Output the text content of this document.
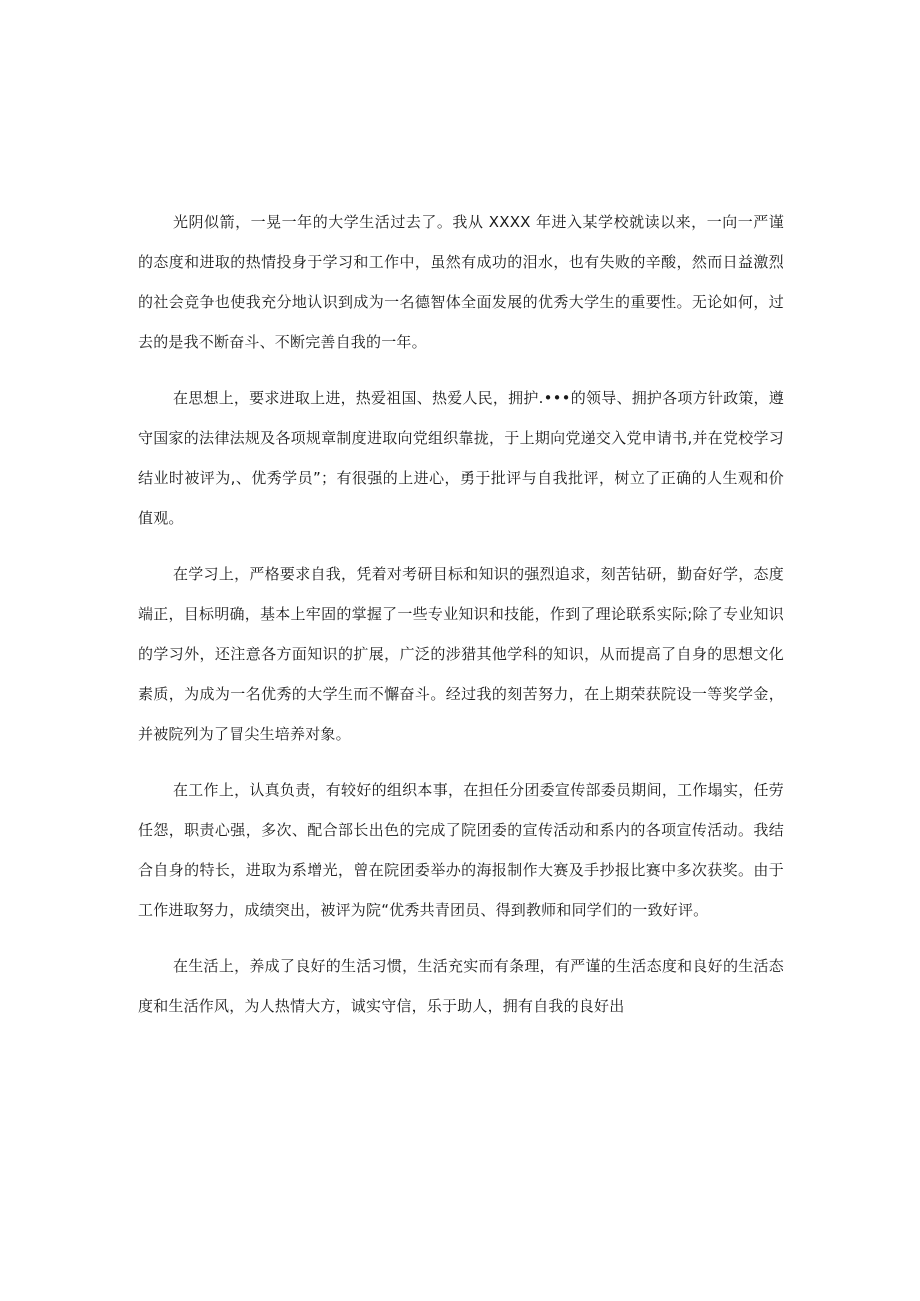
光阴似箭，一晃一年的大学生活过去了。我从 XXXX 年进入某学校就读以来，一向一严谨的态度和进取的热情投身于学习和工作中，虽然有成功的泪水，也有失败的辛酸，然而日益激烈的社会竞争也使我充分地认识到成为一名德智体全面发展的优秀大学生的重要性。无论如何，过去的是我不断奋斗、不断完善自我的一年。

在思想上，要求进取上进，热爱祖国、热爱人民，拥护.•••的领导、拥护各项方针政策，遵守国家的法律法规及各项规章制度进取向党组织靠拢，于上期向党递交入党申请书,并在党校学习结业时被评为,、优秀学员”；有很强的上进心，勇于批评与自我批评，树立了正确的人生观和价值观。

在学习上，严格要求自我，凭着对考研目标和知识的强烈追求，刻苦钻研，勤奋好学，态度端正，目标明确，基本上牢固的掌握了一些专业知识和技能，作到了理论联系实际;除了专业知识的学习外，还注意各方面知识的扩展，广泛的涉猎其他学科的知识，从而提高了自身的思想文化素质，为成为一名优秀的大学生而不懈奋斗。经过我的刻苦努力，在上期荣获院设一等奖学金，并被院列为了冒尖生培养对象。

在工作上，认真负责，有较好的组织本事，在担任分团委宣传部委员期间，工作塌实，任劳任怨，职责心强，多次、配合部长出色的完成了院团委的宣传活动和系内的各项宣传活动。我结合自身的特长，进取为系增光，曾在院团委举办的海报制作大赛及手抄报比赛中多次获奖。由于工作进取努力，成绩突出，被评为院“优秀共青团员、得到教师和同学们的一致好评。

在生活上，养成了良好的生活习惯，生活充实而有条理，有严谨的生活态度和良好的生活态度和生活作风，为人热情大方，诚实守信，乐于助人，拥有自我的良好出
